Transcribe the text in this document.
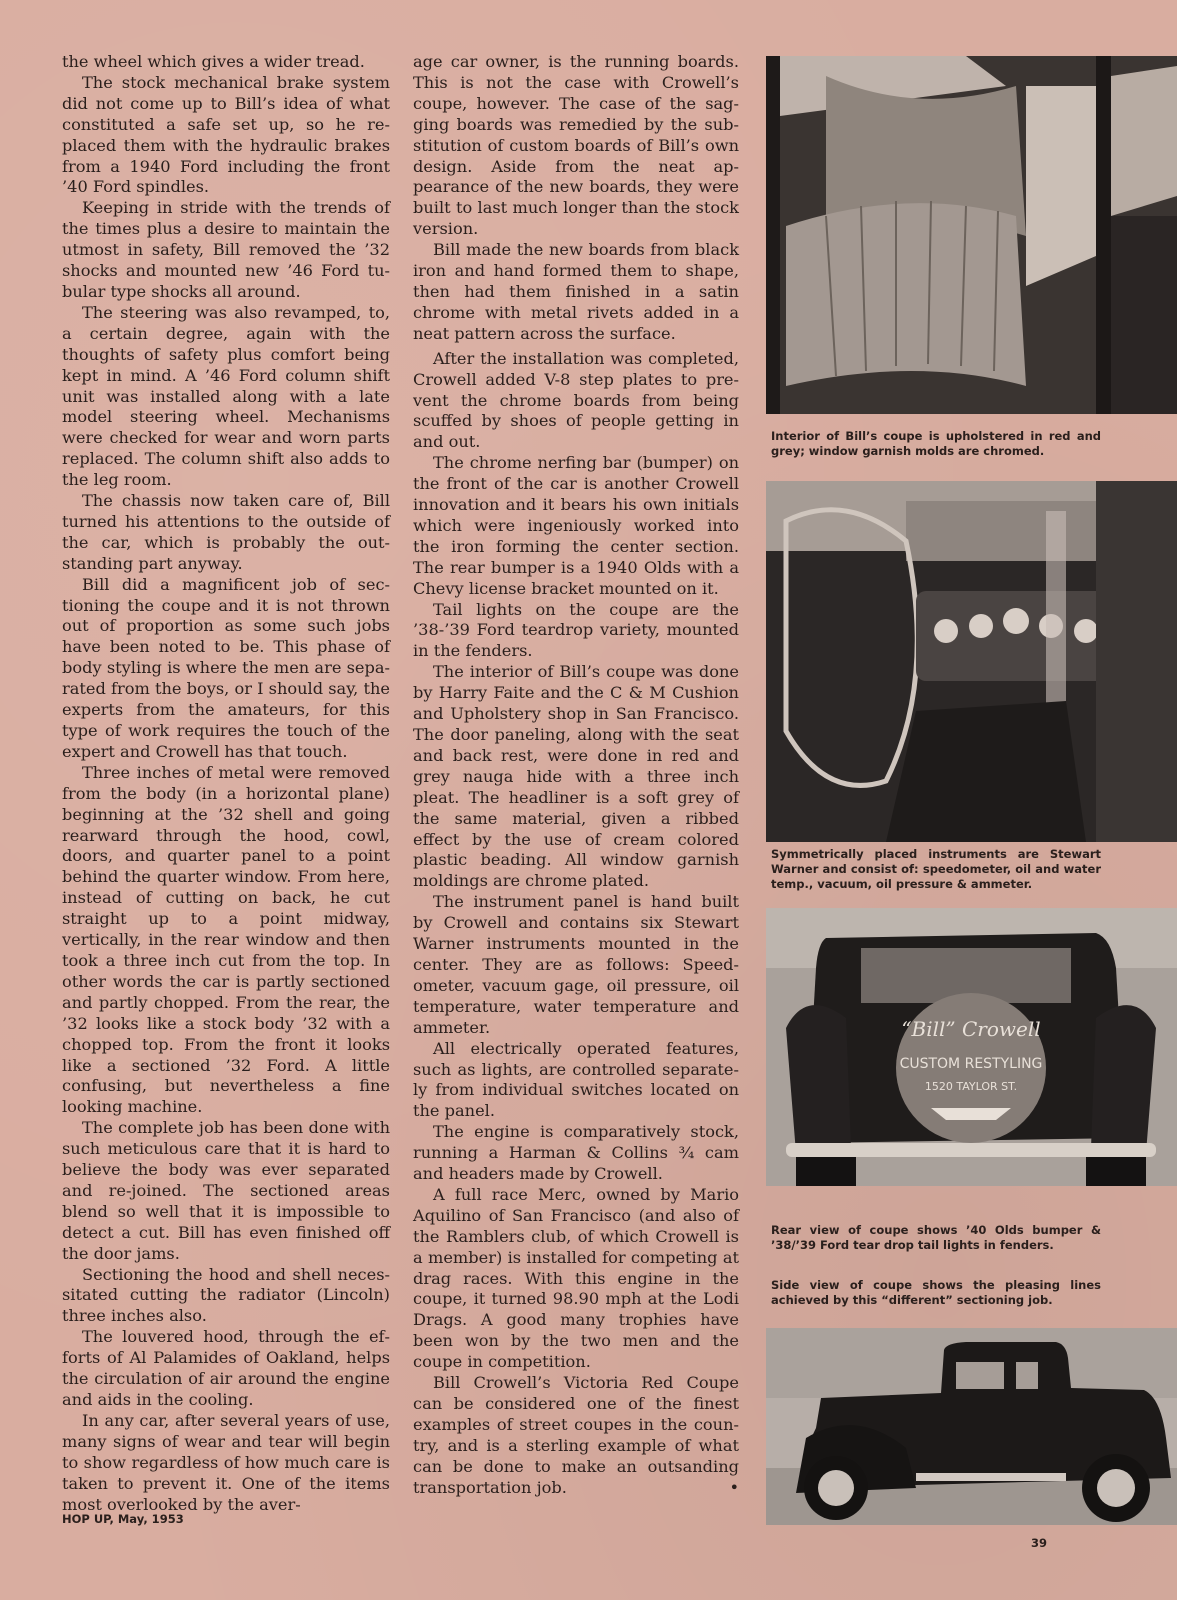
the wheel which gives a wider tread.

The stock mechanical brake system did not come up to Bill’s idea of what constituted a safe set up, so he replaced them with the hydraulic brakes from a 1940 Ford including the front ’40 Ford spindles.

Keeping in stride with the trends of the times plus a desire to maintain the utmost in safety, Bill removed the ’32 shocks and mounted new ’46 Ford tubular type shocks all around.

The steering was also revamped, to, a certain degree, again with the thoughts of safety plus comfort being kept in mind. A ’46 Ford column shift unit was installed along with a late model steering wheel. Mechanisms were checked for wear and worn parts replaced. The column shift also adds to the leg room.

The chassis now taken care of, Bill turned his attentions to the outside of the car, which is probably the outstanding part anyway.

Bill did a magnificent job of sectioning the coupe and it is not thrown out of proportion as some such jobs have been noted to be. This phase of body styling is where the men are separated from the boys, or I should say, the experts from the amateurs, for this type of work requires the touch of the expert and Crowell has that touch.

Three inches of metal were removed from the body (in a horizontal plane) beginning at the ’32 shell and going rearward through the hood, cowl, doors, and quarter panel to a point behind the quarter window. From here, instead of cutting on back, he cut straight up to a point midway, vertically, in the rear window and then took a three inch cut from the top. In other words the car is partly sectioned and partly chopped. From the rear, the ’32 looks like a stock body ’32 with a chopped top. From the front it looks like a sectioned ’32 Ford. A little confusing, but nevertheless a fine looking machine.

The complete job has been done with such meticulous care that it is hard to believe the body was ever separated and re-joined. The sectioned areas blend so well that it is impossible to detect a cut. Bill has even finished off the door jams.

Sectioning the hood and shell necessitated cutting the radiator (Lincoln) three inches also.

The louvered hood, through the efforts of Al Palamides of Oakland, helps the circulation of air around the engine and aids in the cooling.

In any car, after several years of use, many signs of wear and tear will begin to show regardless of how much care is taken to prevent it. One of the items most overlooked by the aver-

age car owner, is the running boards. This is not the case with Crowell’s coupe, however. The case of the sagging boards was remedied by the substitution of custom boards of Bill’s own design. Aside from the neat appearance of the new boards, they were built to last much longer than the stock version.

Bill made the new boards from black iron and hand formed them to shape, then had them finished in a satin chrome with metal rivets added in a neat pattern across the surface.

After the installation was completed, Crowell added V-8 step plates to prevent the chrome boards from being scuffed by shoes of people getting in and out.

The chrome nerfing bar (bumper) on the front of the car is another Crowell innovation and it bears his own initials which were ingeniously worked into the iron forming the center section. The rear bumper is a 1940 Olds with a Chevy license bracket mounted on it.

Tail lights on the coupe are the ’38-’39 Ford teardrop variety, mounted in the fenders.

The interior of Bill’s coupe was done by Harry Faite and the C & M Cushion and Upholstery shop in San Francisco. The door paneling, along with the seat and back rest, were done in red and grey nauga hide with a three inch pleat. The headliner is a soft grey of the same material, given a ribbed effect by the use of cream colored plastic beading. All window garnish moldings are chrome plated.

The instrument panel is hand built by Crowell and contains six Stewart Warner instruments mounted in the center. They are as follows: Speedometer, vacuum gage, oil pressure, oil temperature, water temperature and ammeter.

All electrically operated features, such as lights, are controlled separately from individual switches located on the panel.

The engine is comparatively stock, running a Harman & Collins ¾ cam and headers made by Crowell.

A full race Merc, owned by Mario Aquilino of San Francisco (and also of the Ramblers club, of which Crowell is a member) is installed for competing at drag races. With this engine in the coupe, it turned 98.90 mph at the Lodi Drags. A good many trophies have been won by the two men and the coupe in competition.

Bill Crowell’s Victoria Red Coupe can be considered one of the finest examples of street coupes in the country, and is a sterling example of what can be done to make an outsanding transportation job.	•

Interior of Bill’s coupe is upholstered in red and grey; window garnish molds are chromed.
Symmetrically placed instruments are Stewart Warner and consist of: speedometer, oil and water temp., vacuum, oil pressure & ammeter.
“Bill” Crowell
CUSTOM RESTYLING
1520 TAYLOR ST.
Rear view of coupe shows ’40 Olds bumper & ’38/’39 Ford tear drop tail lights in fenders.
Side view of coupe shows the pleasing lines achieved by this “different” sectioning job.
HOP UP, May, 1953
39
